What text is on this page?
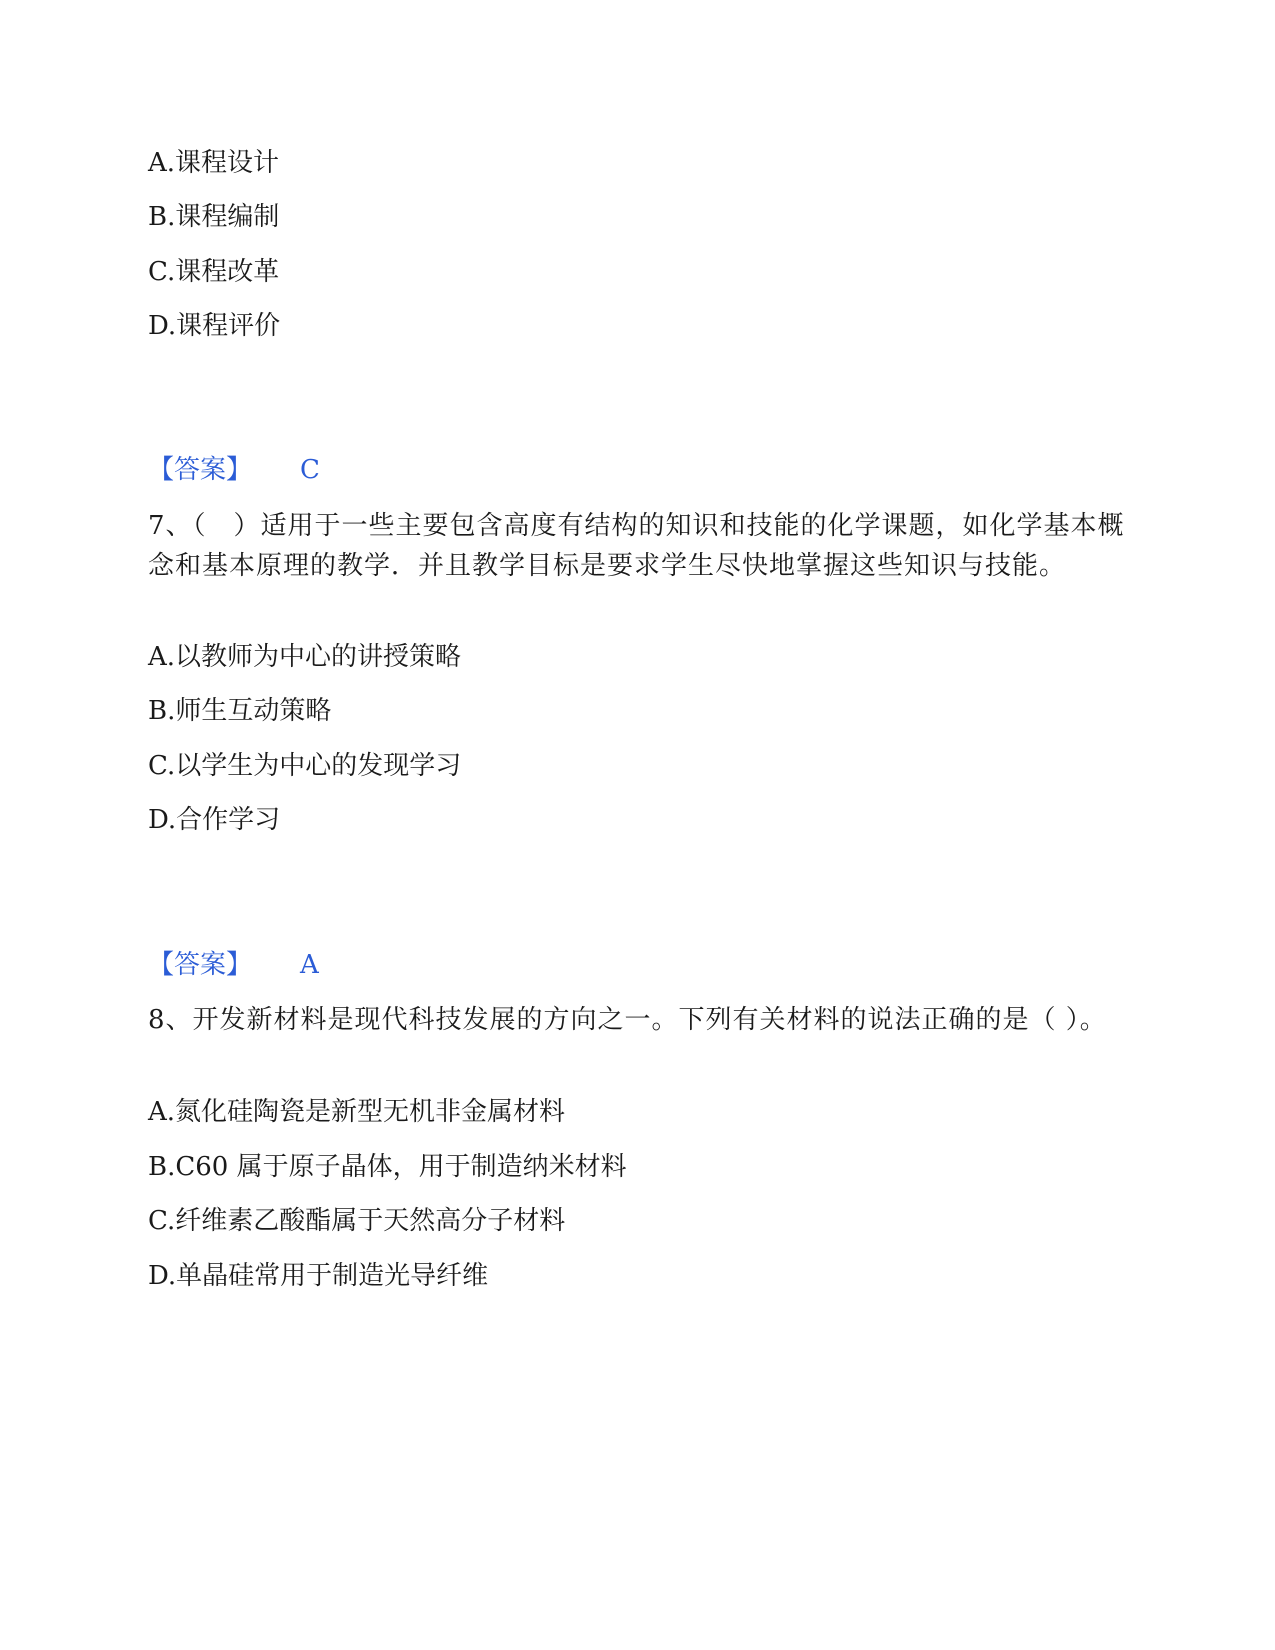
A.课程设计
B.课程编制
C.课程改革
D.课程评价
【答案】 C
7、（　）适用于一些主要包含高度有结构的知识和技能的化学课题，如化学基本概念和基本原理的教学．并且教学目标是要求学生尽快地掌握这些知识与技能。
A.以教师为中心的讲授策略
B.师生互动策略
C.以学生为中心的发现学习
D.合作学习
【答案】 A
8、开发新材料是现代科技发展的方向之一。下列有关材料的说法正确的是（ ）。
A.氮化硅陶瓷是新型无机非金属材料
B.C60 属于原子晶体，用于制造纳米材料
C.纤维素乙酸酯属于天然高分子材料
D.单晶硅常用于制造光导纤维
